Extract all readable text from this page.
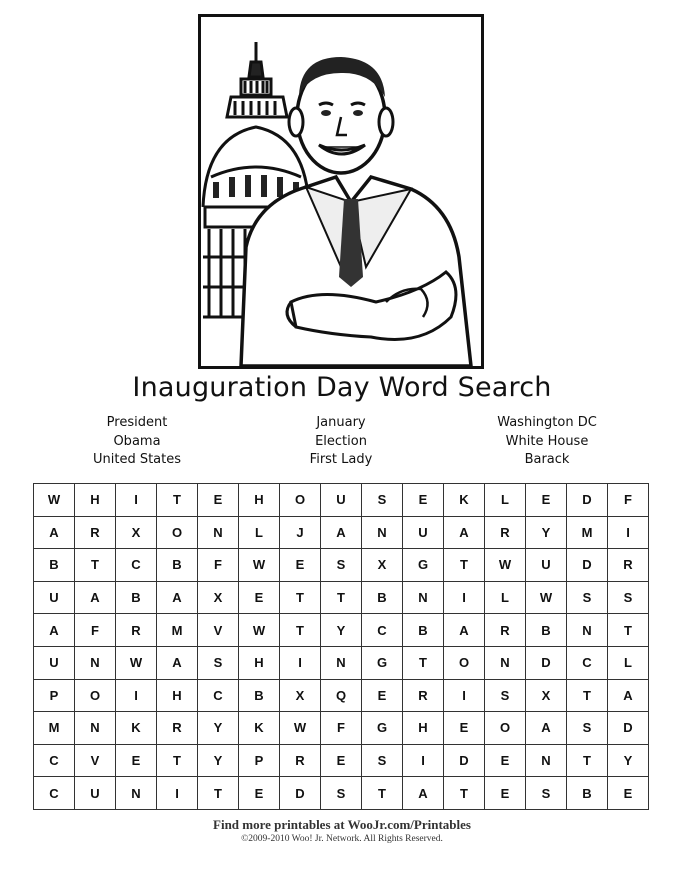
Inauguration Day Word Search
President
Obama
United States
January
Election
First Lady
Washington DC
White House
Barack
W	H	I	T	E	H	O	U	S	E	K	L	E	D	F
A	R	X	O	N	L	J	A	N	U	A	R	Y	M	I
B	T	C	B	F	W	E	S	X	G	T	W	U	D	R
U	A	B	A	X	E	T	T	B	N	I	L	W	S	S
A	F	R	M	V	W	T	Y	C	B	A	R	B	N	T
U	N	W	A	S	H	I	N	G	T	O	N	D	C	L
P	O	I	H	C	B	X	Q	E	R	I	S	X	T	A
M	N	K	R	Y	K	W	F	G	H	E	O	A	S	D
C	V	E	T	Y	P	R	E	S	I	D	E	N	T	Y
C	U	N	I	T	E	D	S	T	A	T	E	S	B	E
Find more printables at WooJr.com/Printables
©2009-2010 Woo! Jr. Network. All Rights Reserved.
